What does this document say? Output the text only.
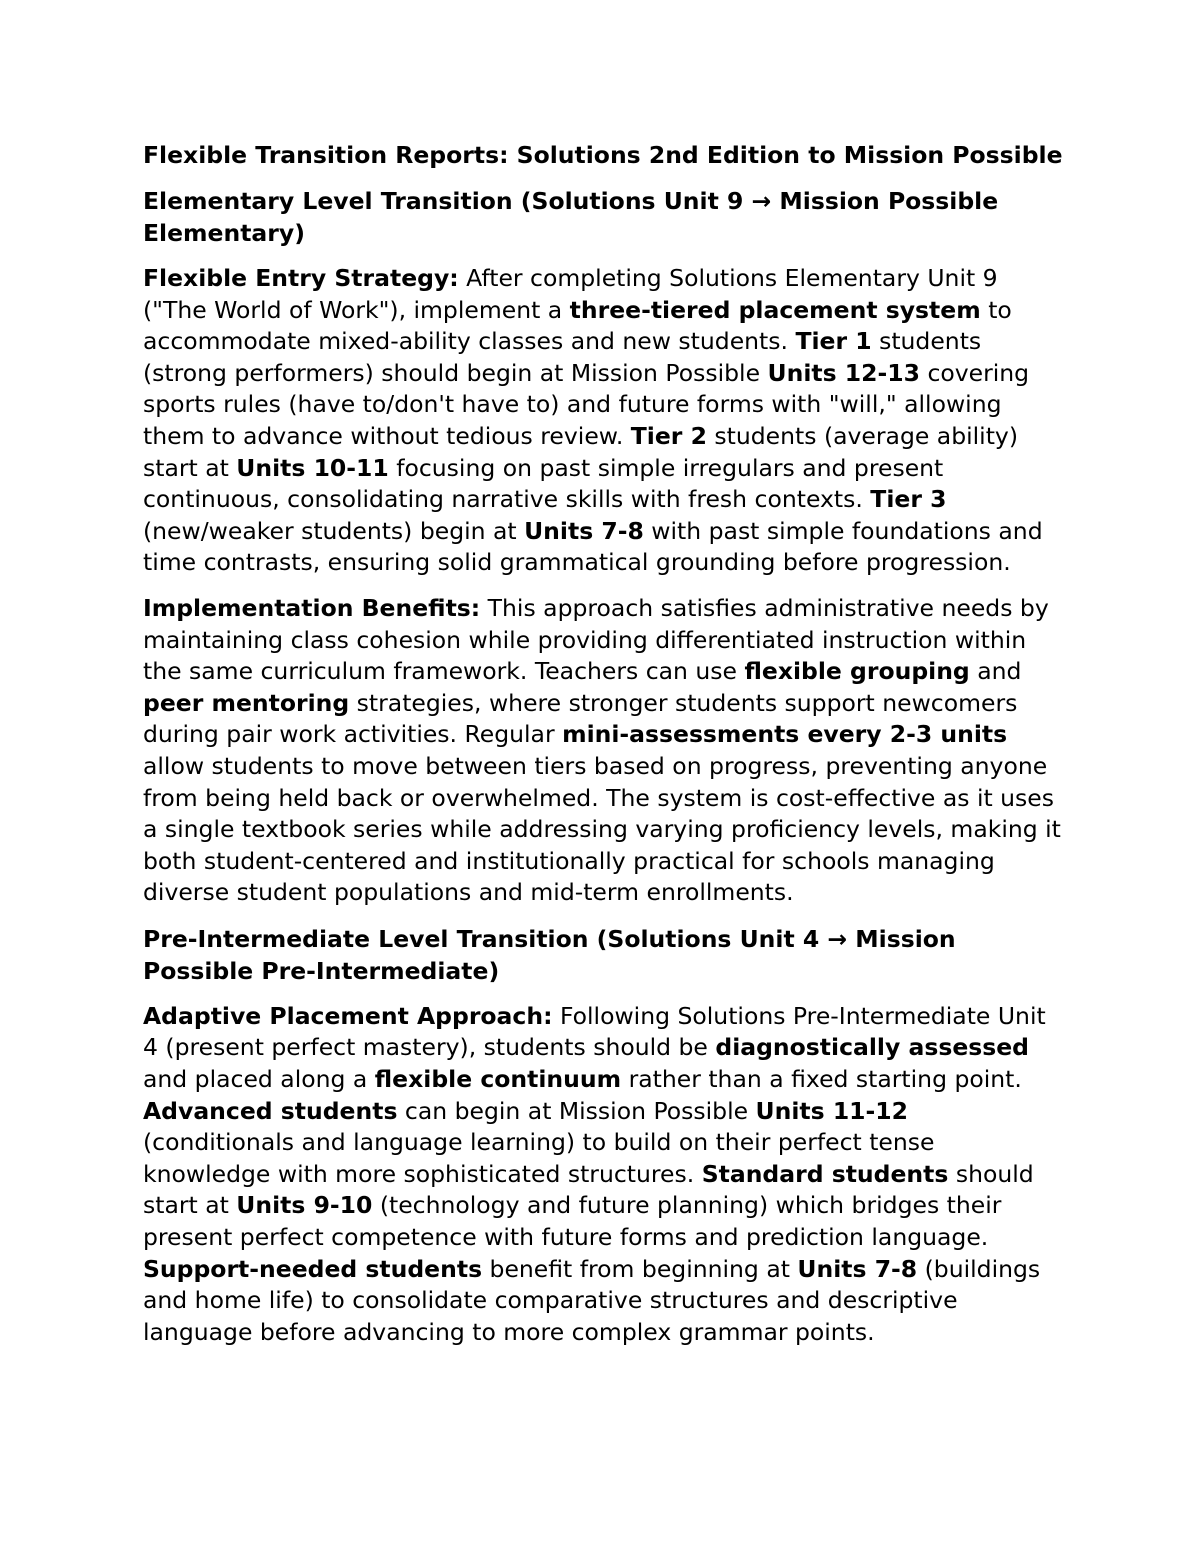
Flexible Transition Reports: Solutions 2nd Edition to Mission Possible
Elementary Level Transition (Solutions Unit 9 → Mission Possible Elementary)

Flexible Entry Strategy: After completing Solutions Elementary Unit 9 ("The World of Work"), implement a three-tiered placement system to accommodate mixed-ability classes and new students. Tier 1 students (strong performers) should begin at Mission Possible Units 12-13 covering sports rules (have to/don't have to) and future forms with "will," allowing them to advance without tedious review. Tier 2 students (average ability) start at Units 10-11 focusing on past simple irregulars and present continuous, consolidating narrative skills with fresh contexts. Tier 3 (new/weaker students) begin at Units 7-8 with past simple foundations and time contrasts, ensuring solid grammatical grounding before progression.

Implementation Benefits: This approach satisfies administrative needs by maintaining class cohesion while providing differentiated instruction within the same curriculum framework. Teachers can use flexible grouping and peer mentoring strategies, where stronger students support newcomers during pair work activities. Regular mini-assessments every 2-3 units allow students to move between tiers based on progress, preventing anyone from being held back or overwhelmed. The system is cost-effective as it uses a single textbook series while addressing varying proficiency levels, making it both student-centered and institutionally practical for schools managing diverse student populations and mid-term enrollments.

Pre-Intermediate Level Transition (Solutions Unit 4 → Mission Possible Pre-Intermediate)

Adaptive Placement Approach: Following Solutions Pre-Intermediate Unit 4 (present perfect mastery), students should be diagnostically assessed and placed along a flexible continuum rather than a fixed starting point. Advanced students can begin at Mission Possible Units 11-12 (conditionals and language learning) to build on their perfect tense knowledge with more sophisticated structures. Standard students should start at Units 9-10 (technology and future planning) which bridges their present perfect competence with future forms and prediction language. Support-needed students benefit from beginning at Units 7-8 (buildings and home life) to consolidate comparative structures and descriptive language before advancing to more complex grammar points.
